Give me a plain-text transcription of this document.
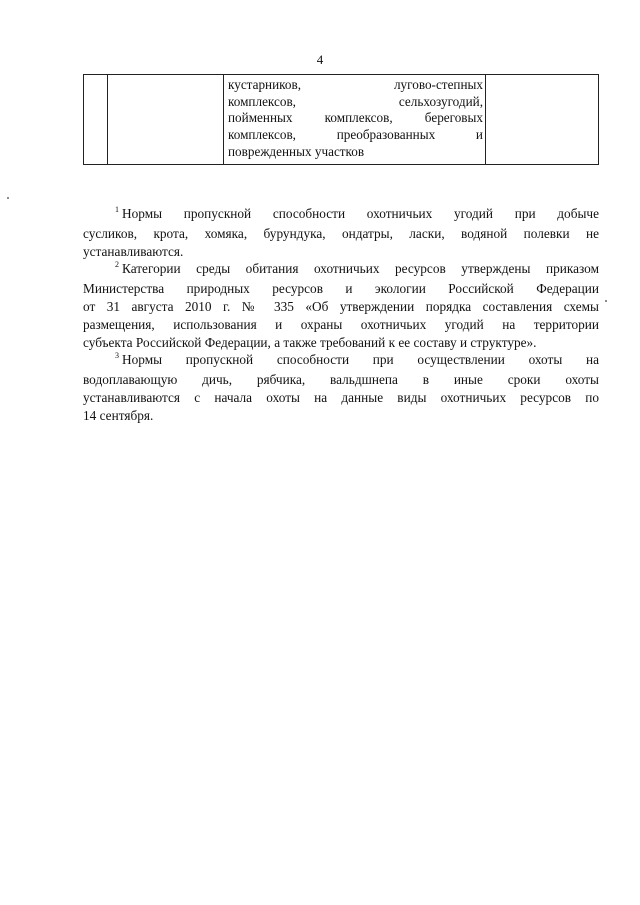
4
кустарников, лугово-степных
комплексов, сельхозугодий,
пойменных комплексов, береговых
комплексов, преобразованных и
поврежденных участков
$^1$ Нормы пропускной способности охотничьих угодий при добыче
сусликов, крота, хомяка, бурундука, ондатры, ласки, водяной полевки не
устанавливаются.
$^2$ Категории среды обитания охотничьих ресурсов утверждены приказом
Министерства природных ресурсов и экологии Российской Федерации
от 31 августа 2010 г. № 335 «Об утверждении порядка составления схемы
размещения, использования и охраны охотничьих угодий на территории
субъекта Российской Федерации, а также требований к ее составу и структуре».
$^3$ Нормы пропускной способности при осуществлении охоты на
водоплавающую дичь, рябчика, вальдшнепа в иные сроки охоты
устанавливаются с начала охоты на данные виды охотничьих ресурсов по
14 сентября.
